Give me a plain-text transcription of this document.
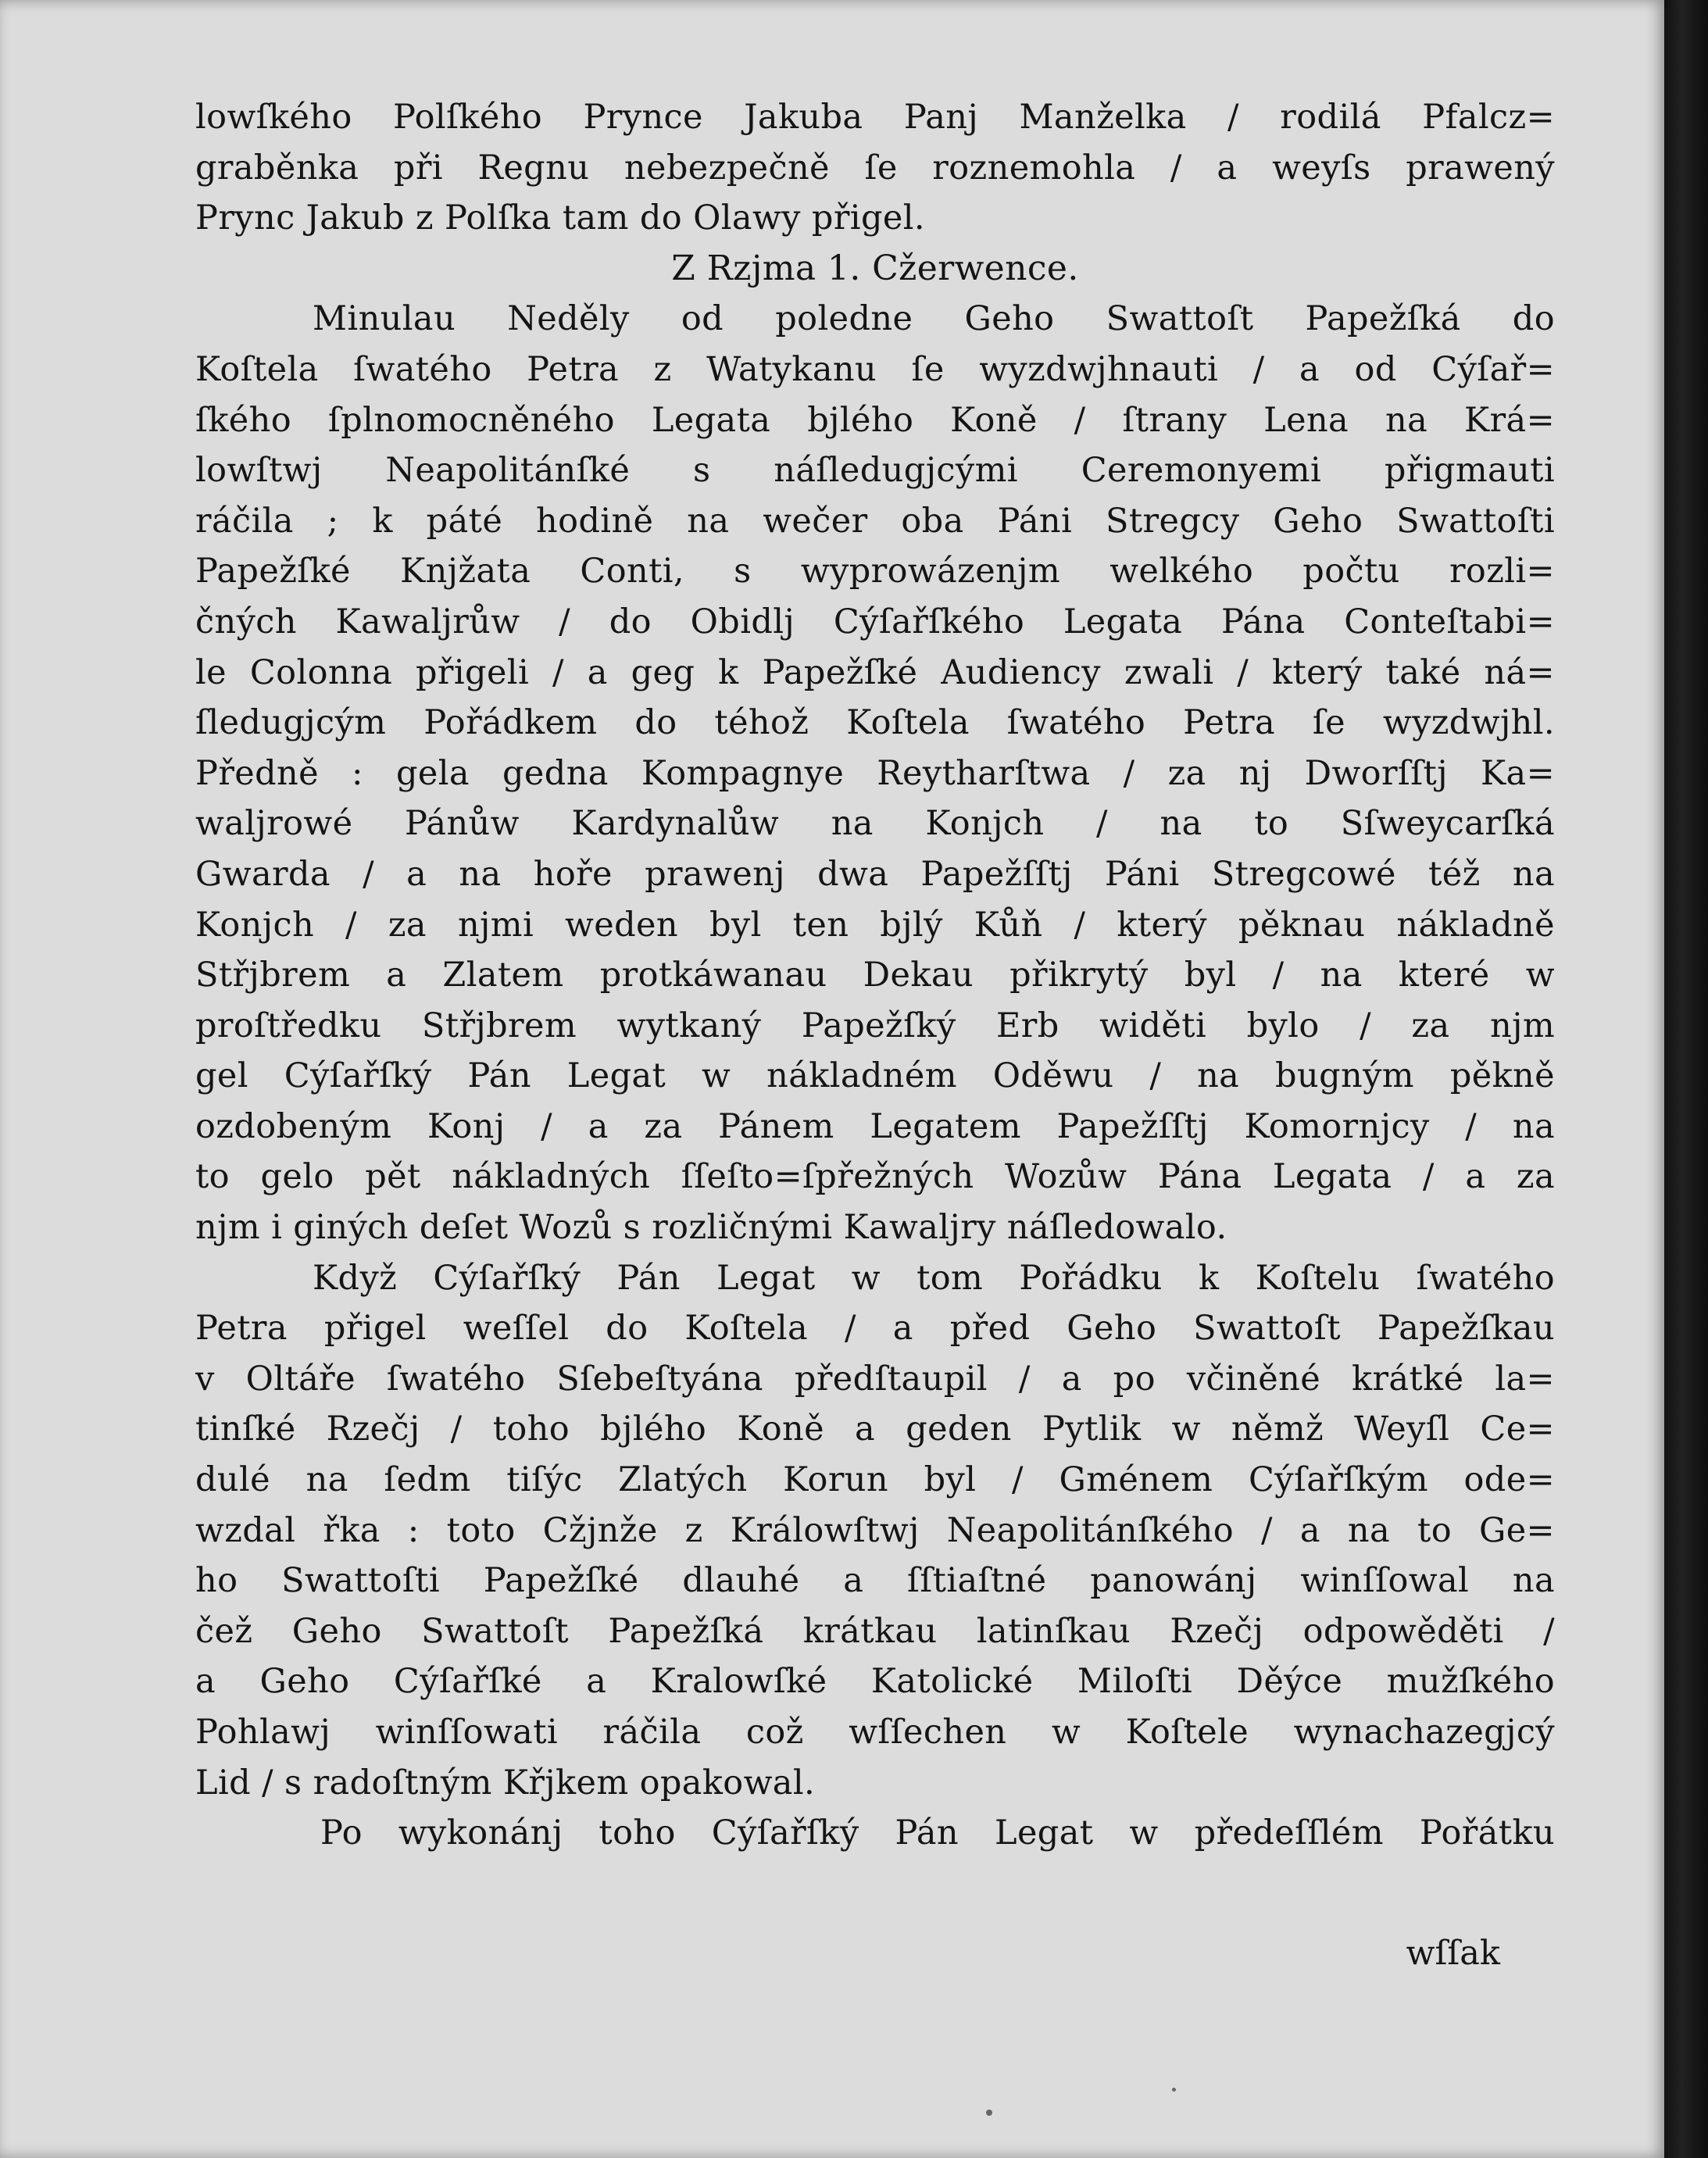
lowſkého Polſkého Prynce Jakuba Panj Manželka / rodilá Pfalcz=
graběnka při Regnu nebezpečně ſe roznemohla / a weyſs prawený
Prync Jakub z Polſka tam do Olawy přigel.
Z Rzjma 1. Cžerwence.
Minulau Neděly od poledne Geho Swattoſt Papežſká do
Koſtela ſwatého Petra z Watykanu ſe wyzdwjhnauti / a od Cýſař=
ſkého ſplnomocněného Legata bjlého Koně / ſtrany Lena na Krá=
lowſtwj Neapolitánſké s náſledugjcými Ceremonyemi přigmauti
ráčila ; k páté hodině na wečer oba Páni Stregcy Geho Swattoſti
Papežſké Knjžata Conti, s wyprowázenjm welkého počtu rozli=
čných Kawaljrůw / do Obidlj Cýſařſkého Legata Pána Conteſtabi=
le Colonna přigeli / a geg k Papežſké Audiency zwali / který také ná=
ſledugjcým Pořádkem do téhož Koſtela ſwatého Petra ſe wyzdwjhl.
Předně : gela gedna Kompagnye Reytharſtwa / za nj Dworſſtj Ka=
waljrowé Pánůw Kardynalůw na Konjch / na to Sſweycarſká
Gwarda / a na hoře prawenj dwa Papežſſtj Páni Stregcowé též na
Konjch / za njmi weden byl ten bjlý Kůň / který pěknau nákladně
Střjbrem a Zlatem protkáwanau Dekau přikrytý byl / na které w
proſtředku Střjbrem wytkaný Papežſký Erb widěti bylo / za njm
gel Cýſařſký Pán Legat w nákladném Oděwu / na bugným pěkně
ozdobeným Konj / a za Pánem Legatem Papežſſtj Komornjcy / na
to gelo pět nákladných ſſeſto=ſpřežných Wozůw Pána Legata / a za
njm i giných deſet Wozů s rozličnými Kawaljry náſledowalo.
Když Cýſařſký Pán Legat w tom Pořádku k Koſtelu ſwatého
Petra přigel weſſel do Koſtela / a před Geho Swattoſt Papežſkau
v Oltáře ſwatého Sſebeſtyána předſtaupil / a po včiněné krátké la=
tinſké Rzečj / toho bjlého Koně a geden Pytlik w němž Weyſl Ce=
dulé na ſedm tiſýc Zlatých Korun byl / Gménem Cýſařſkým ode=
wzdal řka : toto Cžjnže z Králowſtwj Neapolitánſkého / a na to Ge=
ho Swattoſti Papežſké dlauhé a ſſtiaſtné panowánj winſſowal na
čež Geho Swattoſt Papežſká krátkau latinſkau Rzečj odpowěděti /
a Geho Cýſařſké a Kralowſké Katolické Miloſti Děýce mužſkého
Pohlawj winſſowati ráčila což wſſechen w Koſtele wynachazegjcý
Lid / s radoſtným Křjkem opakowal.
Po wykonánj toho Cýſařſký Pán Legat w předeſſlém Pořátku
wſſak
